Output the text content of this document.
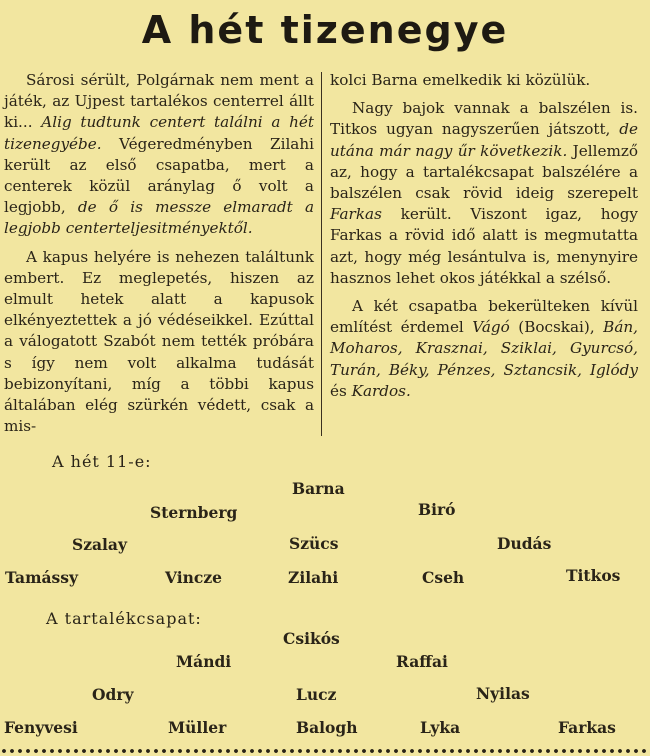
A hét tizenegye

Sárosi sérült, Polgárnak nem ment a játék, az Ujpest tartalékos centerrel állt ki... Alig tudtunk centert találni a hét tizenegyébe. Végeredményben Zilahi került az első csapatba, mert a centerek közül aránylag ő volt a legjobb, de ő is messze elmaradt a legjobb centerteljesitményektől.

A kapus helyére is nehezen találtunk embert. Ez meglepetés, hiszen az elmult hetek alatt a kapusok elkényeztettek a jó védéseikkel. Ezúttal a válogatott Szabót nem tették próbára s így nem volt alkalma tudását bebizonyítani, míg a többi kapus általában elég szürkén védett, csak a mis-

kolci Barna emelkedik ki közülük.

Nagy bajok vannak a balszélen is. Titkos ugyan nagyszerűen játszott, de utána már nagy űr következik. Jellemző az, hogy a tartalékcsapat balszélére a balszélen csak rövid ideig szerepelt Farkas került. Viszont igaz, hogy Farkas a rövid idő alatt is megmutatta azt, hogy még lesántulva is, menynyire hasznos lehet okos játékkal a szélső.

A két csapatba bekerülteken kívül említést érdemel Vágó (Bocskai), Bán, Moharos, Krasznai, Sziklai, Gyurcsó, Turán, Béky, Pénzes, Sztancsik, Iglódy és Kardos.

A hét 11-e:
Barna
Sternberg	Biró
Szalay	Szücs	Dudás
Tamássy	Vincze	Zilahi	Cseh	Titkos
A tartalékcsapat:
Csikós
Mándi	Raffai
Odry	Lucz	Nyilas
Fenyvesi	Müller	Balogh	Lyka	Farkas
